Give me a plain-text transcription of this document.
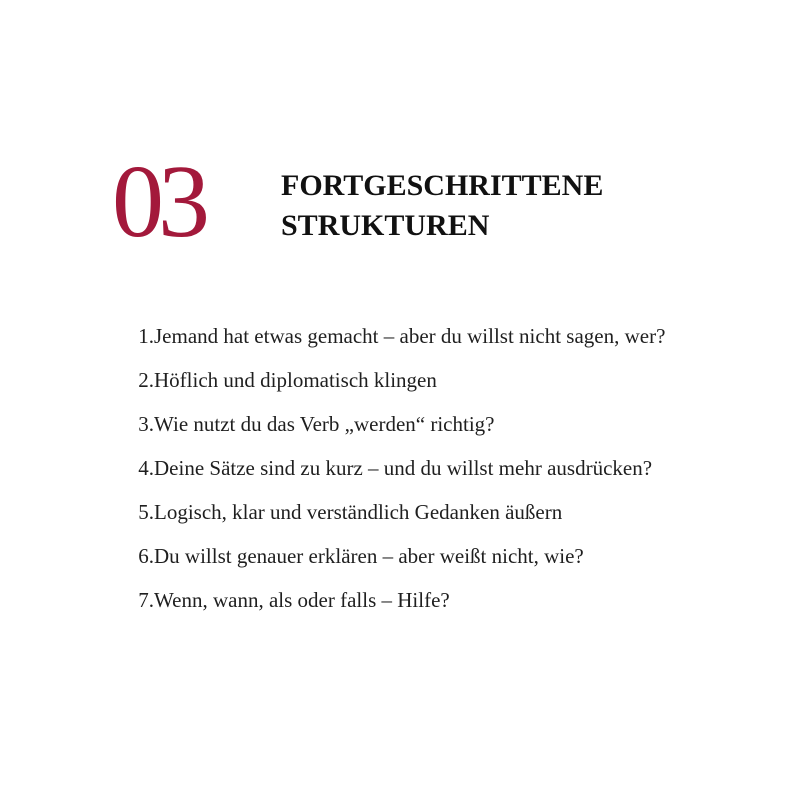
03	FORTGESCHRITTENE
STRUKTUREN
1. Jemand hat etwas gemacht – aber du willst nicht sagen, wer?
2. Höflich und diplomatisch klingen
3. Wie nutzt du das Verb „werden“ richtig?
4. Deine Sätze sind zu kurz – und du willst mehr ausdrücken?
5. Logisch, klar und verständlich Gedanken äußern
6. Du willst genauer erklären – aber weißt nicht, wie?
7. Wenn, wann, als oder falls – Hilfe?
